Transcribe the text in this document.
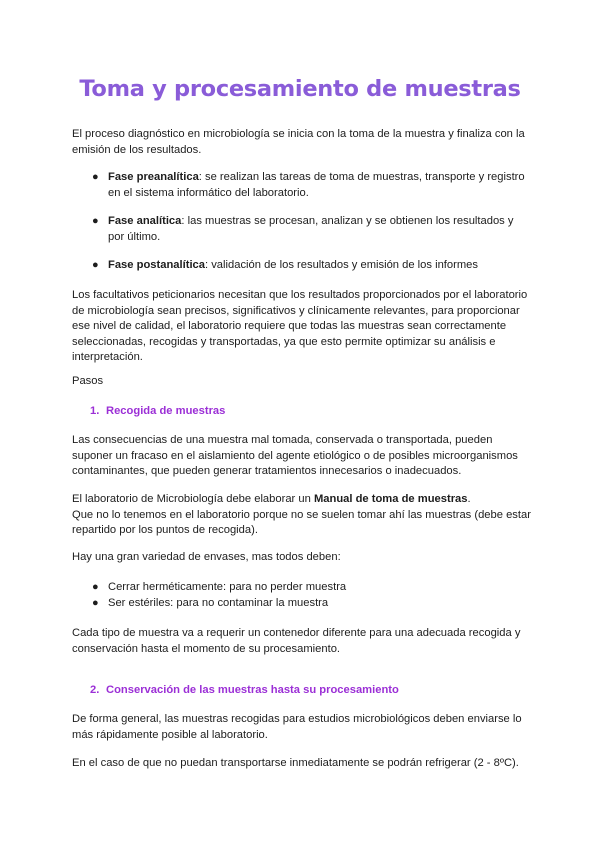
Toma y procesamiento de muestras
El proceso diagnóstico en microbiología se inicia con la toma de la muestra y finaliza con la emisión de los resultados.
● Fase preanalítica: se realizan las tareas de toma de muestras, transporte y registro en el sistema informático del laboratorio.
● Fase analítica: las muestras se procesan, analizan y se obtienen los resultados y por último.
● Fase postanalítica: validación de los resultados y emisión de los informes
Los facultativos peticionarios necesitan que los resultados proporcionados por el laboratorio de microbiología sean precisos, significativos y clínicamente relevantes, para proporcionar ese nivel de calidad, el laboratorio requiere que todas las muestras sean correctamente seleccionadas, recogidas y transportadas, ya que esto permite optimizar su análisis e interpretación.
Pasos
1. Recogida de muestras
Las consecuencias de una muestra mal tomada, conservada o transportada, pueden suponer un fracaso en el aislamiento del agente etiológico o de posibles microorganismos contaminantes, que pueden generar tratamientos innecesarios o inadecuados.
El laboratorio de Microbiología debe elaborar un Manual de toma de muestras.
Que no lo tenemos en el laboratorio porque no se suelen tomar ahí las muestras (debe estar repartido por los puntos de recogida).
Hay una gran variedad de envases, mas todos deben:
● Cerrar herméticamente: para no perder muestra
● Ser estériles: para no contaminar la muestra
Cada tipo de muestra va a requerir un contenedor diferente para una adecuada recogida y conservación hasta el momento de su procesamiento.
2. Conservación de las muestras hasta su procesamiento
De forma general, las muestras recogidas para estudios microbiológicos deben enviarse lo más rápidamente posible al laboratorio.
En el caso de que no puedan transportarse inmediatamente se podrán refrigerar (2 - 8ºC).
